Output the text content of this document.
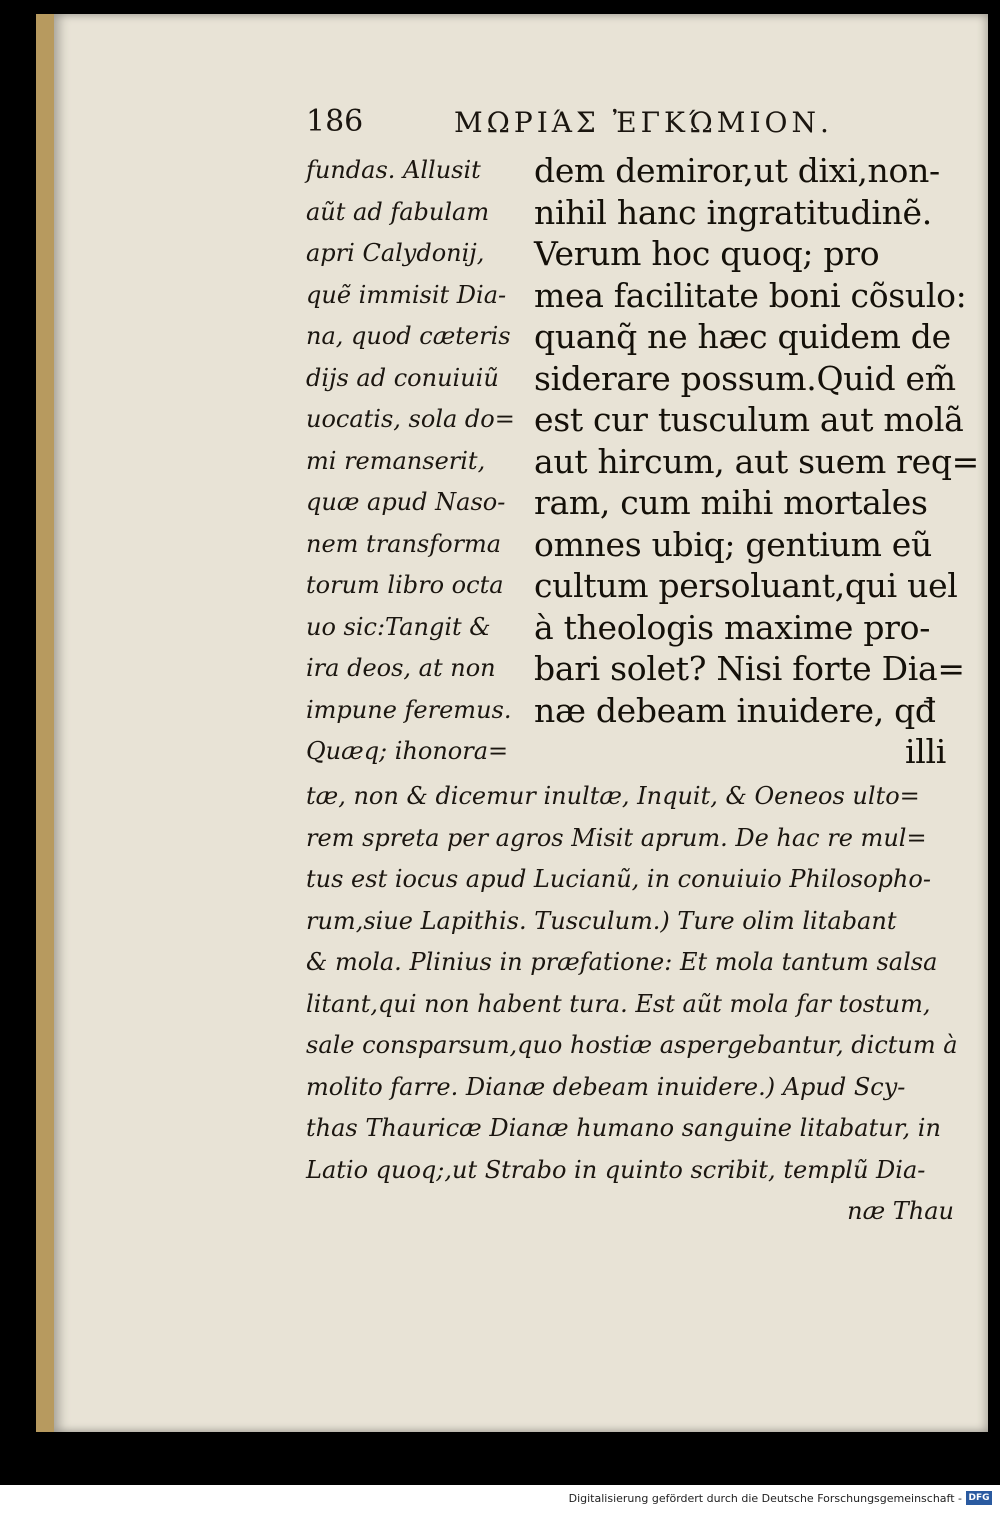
186	ΜΩΡΙΆΣ ἘΓΚΏΜΙΟΝ.
fundas. Allusit
aũt ad fabulam
apri Calydonij,
quẽ immisit Dia-
na, quod cæteris
dijs ad conuiuiũ
uocatis, sola do=
mi remanserit,
quæ apud Naso-
nem transforma
torum libro octa
uo sic:Tangit &
ira deos, at non
impune feremus.
Quæq; ihonora=
dem demiror,ut dixi,non-
nihil hanc ingratitudinẽ.
Verum hoc quoq; pro
mea facilitate boni cõsulo:
quanq̃ ne hæc quidem de
siderare possum.Quid em̃
est cur tusculum aut molã
aut hircum, aut suem req=
ram, cum mihi mortales
omnes ubiq; gentium eũ
cultum persoluant,qui uel
à theologis maxime pro-
bari solet? Nisi forte Dia=
næ debeam inuidere, qđ
illi
tæ, non & dicemur inultæ, Inquit, & Oeneos ulto=
rem spreta per agros Misit aprum. De hac re mul=
tus est iocus apud Lucianũ, in conuiuio Philosopho-
rum,siue Lapithis. Tusculum.) Ture olim litabant
& mola. Plinius in præfatione: Et mola tantum salsa
litant,qui non habent tura. Est aũt mola far tostum,
sale consparsum,quo hostiæ aspergebantur, dictum à
molito farre. Dianæ debeam inuidere.) Apud Scy-
thas Thauricæ Dianæ humano sanguine litabatur, in
Latio quoq;,ut Strabo in quinto scribit, templũ Dia-
næ Thau
Digitalisierung gefördert durch die Deutsche Forschungsgemeinschaft - DFG
